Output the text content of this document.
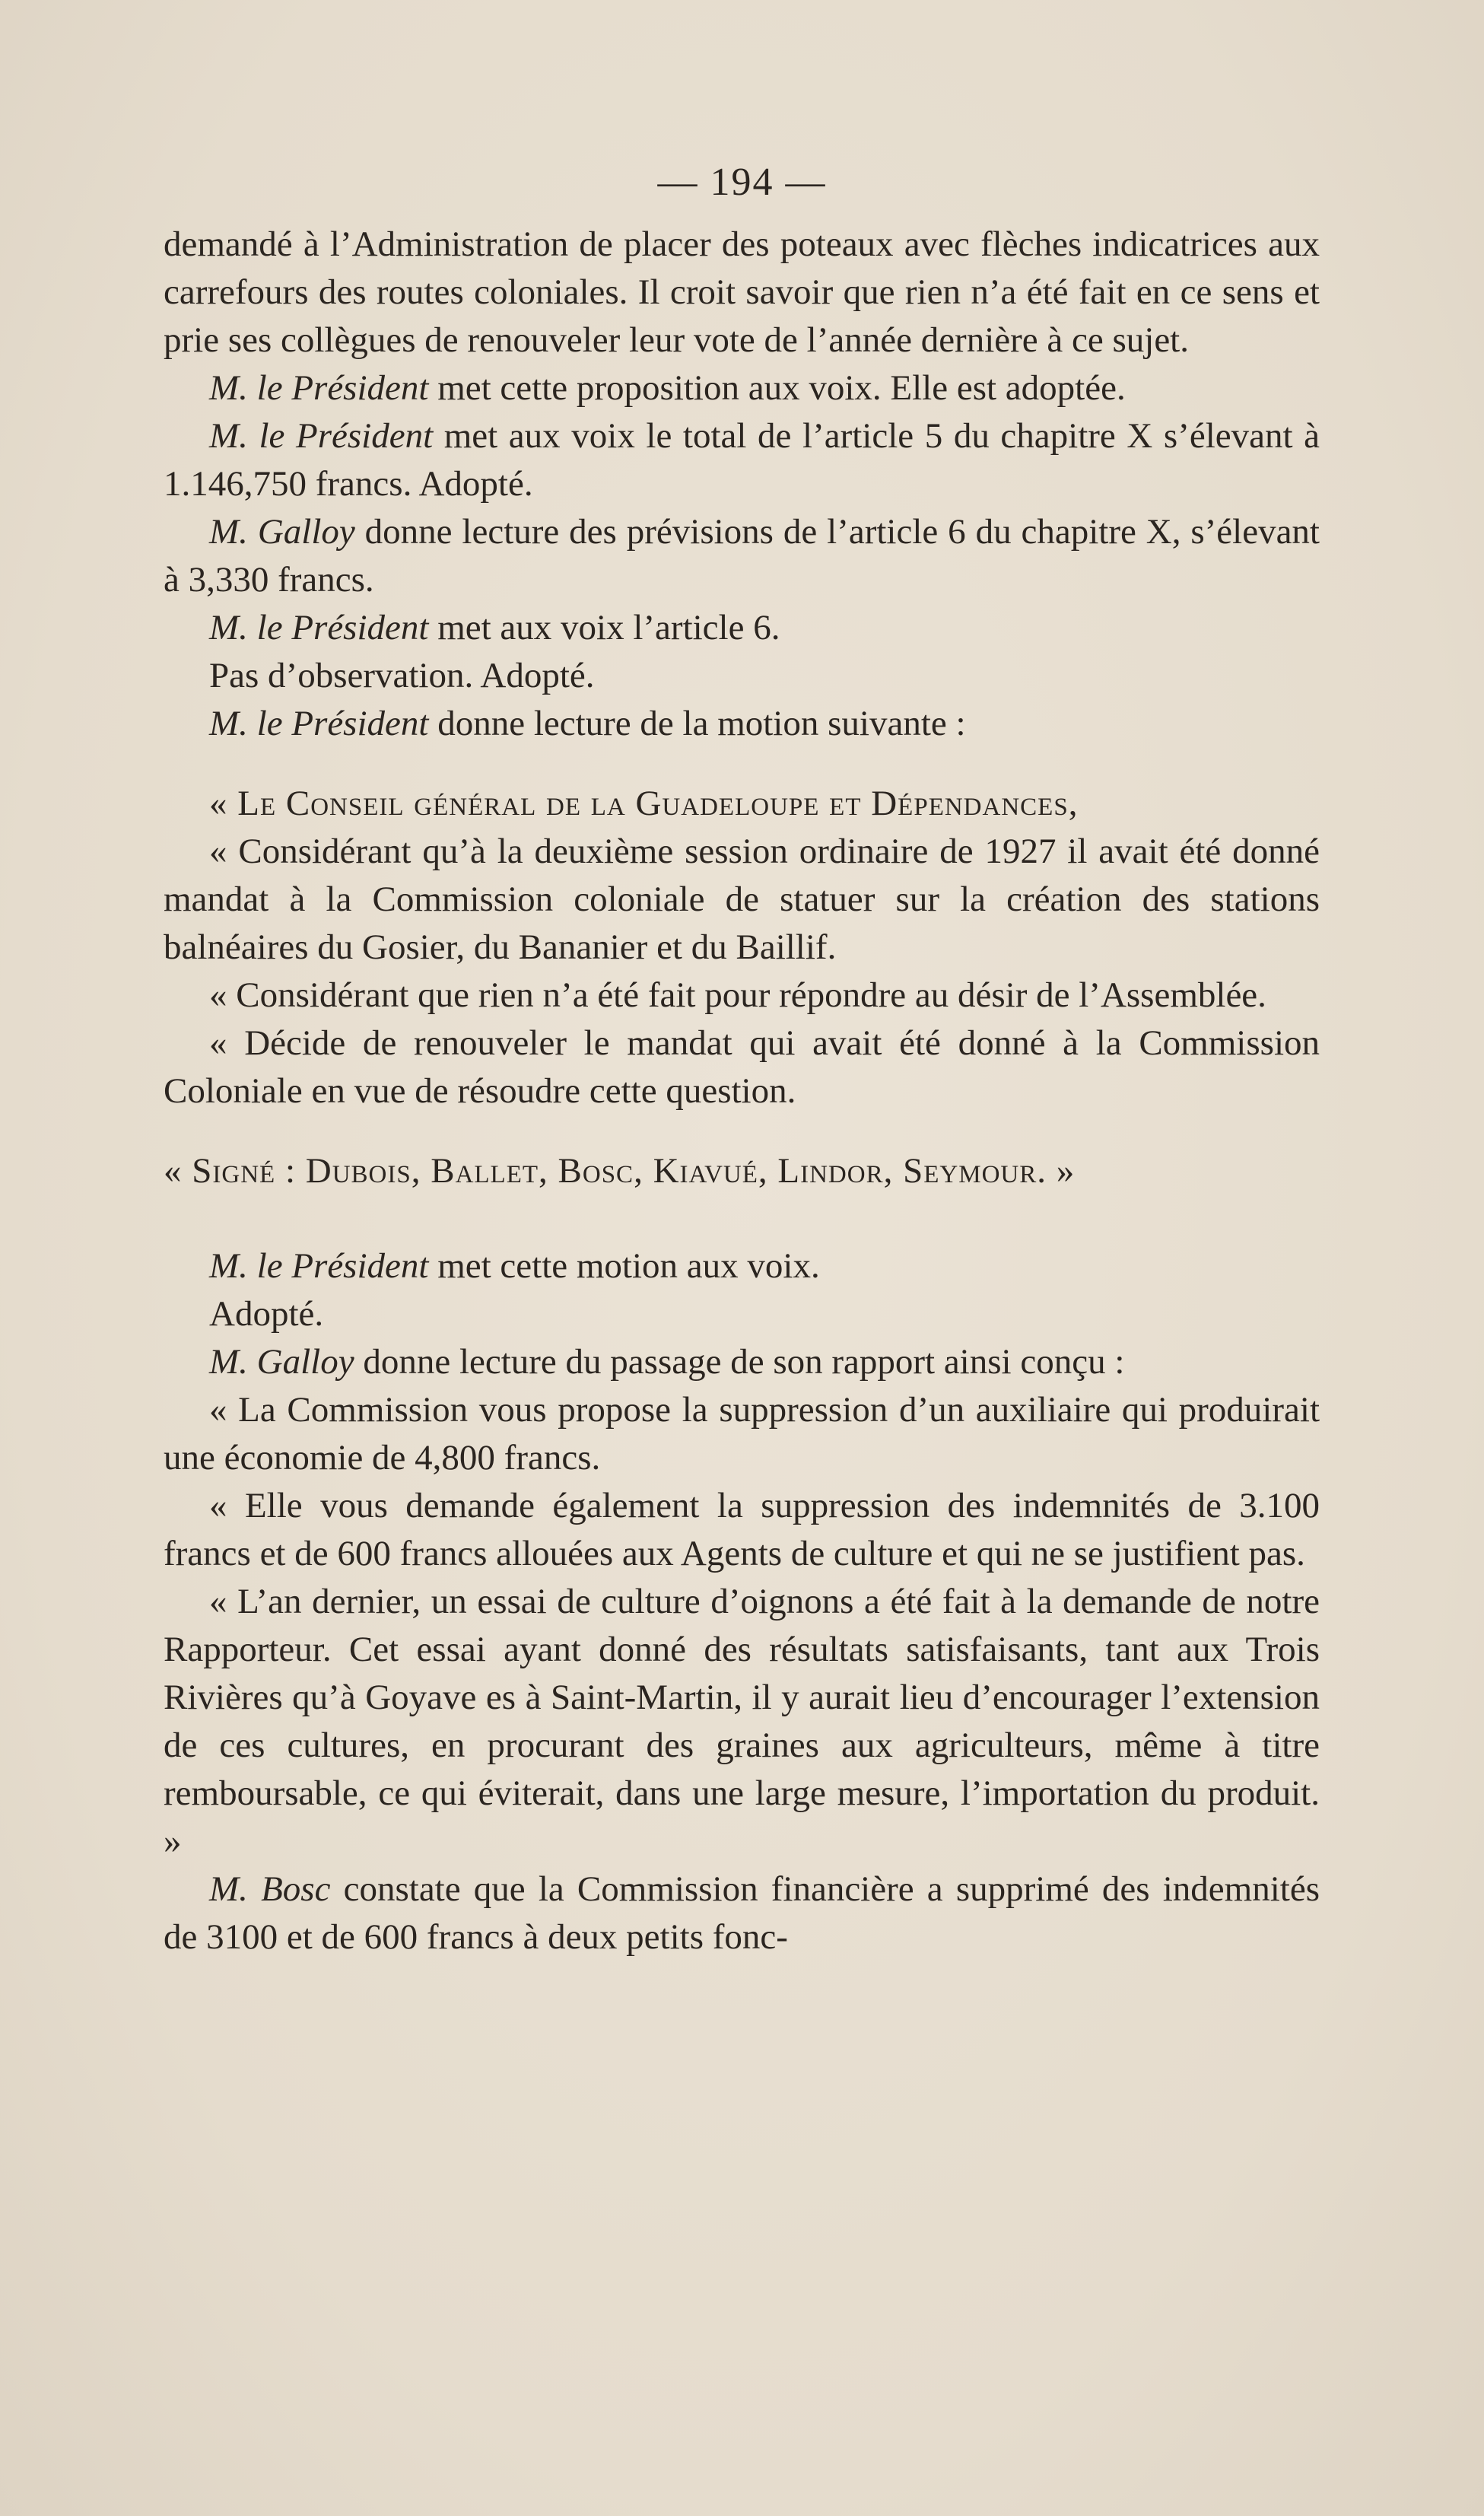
— 194 —

demandé à l’Administration de placer des poteaux avec flèches indicatrices aux carrefours des routes coloniales. Il croit savoir que rien n’a été fait en ce sens et prie ses collègues de renouveler leur vote de l’année dernière à ce sujet.

M. le Président met cette proposition aux voix. Elle est adoptée.

M. le Président met aux voix le total de l’article 5 du chapitre X s’élevant à 1.146,750 francs. Adopté.

M. Galloy donne lecture des prévisions de l’article 6 du chapitre X, s’élevant à 3,330 francs.

M. le Président met aux voix l’article 6.

Pas d’observation. Adopté.

M. le Président donne lecture de la motion suivante :

« Le Conseil général de la Guadeloupe et Dépendances,

« Considérant qu’à la deuxième session ordinaire de 1927 il avait été donné mandat à la Commission coloniale de statuer sur la création des stations balnéaires du Gosier, du Bananier et du Baillif.

« Considérant que rien n’a été fait pour répondre au désir de l’Assemblée.

« Décide de renouveler le mandat qui avait été donné à la Commission Coloniale en vue de résoudre cette question.

« Signé : Dubois, Ballet, Bosc, Kiavué, Lindor, Seymour. »

M. le Président met cette motion aux voix.

Adopté.

M. Galloy donne lecture du passage de son rapport ainsi conçu :

« La Commission vous propose la suppression d’un auxiliaire qui produirait une économie de 4,800 francs.

« Elle vous demande également la suppression des indemnités de 3.100 francs et de 600 francs allouées aux Agents de culture et qui ne se justifient pas.

« L’an dernier, un essai de culture d’oignons a été fait à la demande de notre Rapporteur. Cet essai ayant donné des résultats satisfaisants, tant aux Trois Rivières qu’à Goyave es à Saint-Martin, il y aurait lieu d’encourager l’extension de ces cultures, en procurant des graines aux agriculteurs, même à titre remboursable, ce qui éviterait, dans une large mesure, l’importation du produit. »

M. Bosc constate que la Commission financière a supprimé des indemnités de 3100 et de 600 francs à deux petits fonc-
